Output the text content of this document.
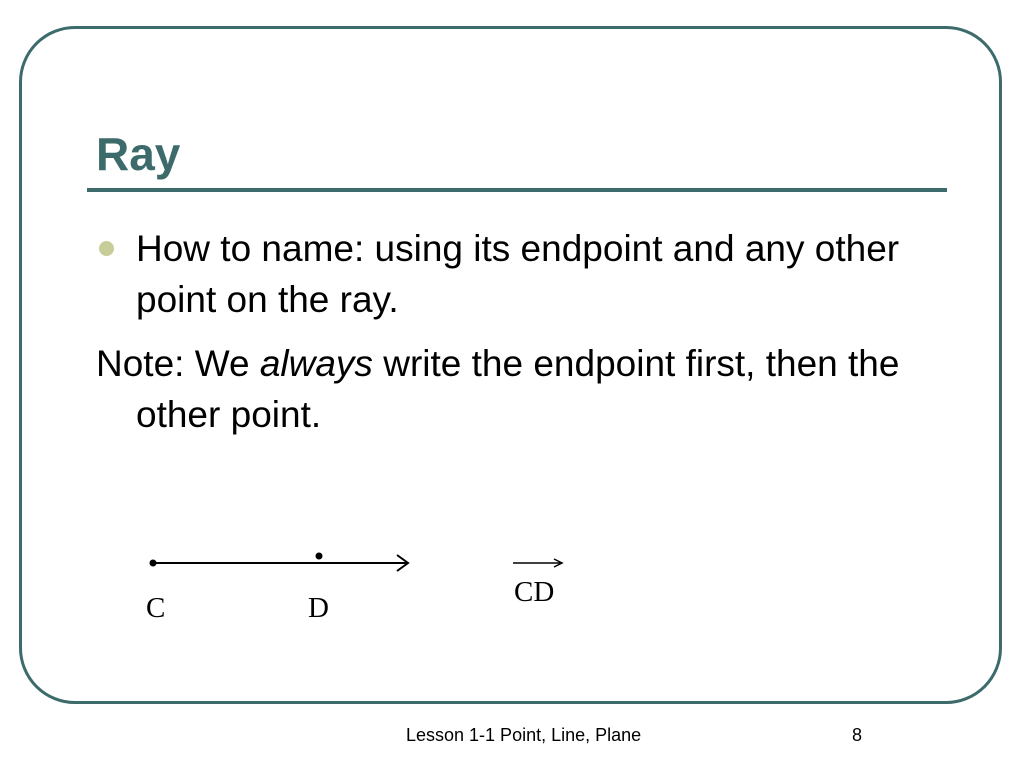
Ray
How to name: using its endpoint and any other point on the ray.
Note: We always write the endpoint first, then the other point.
C	D	CD
Lesson 1-1 Point, Line, Plane	8
